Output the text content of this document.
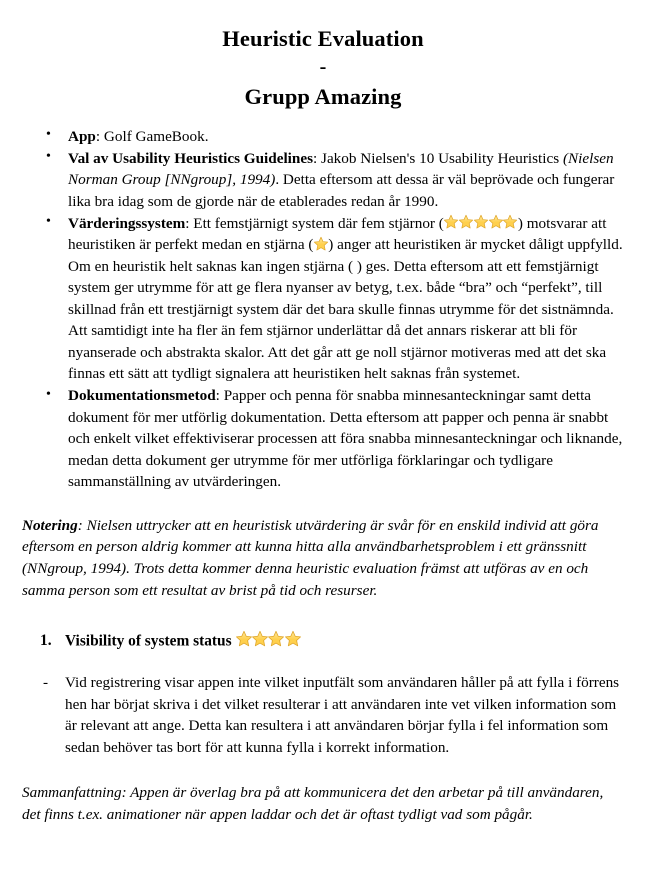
Heuristic Evaluation
-
Grupp Amazing
• App: Golf GameBook.
• Val av Usability Heuristics Guidelines: Jakob Nielsen's 10 Usability Heuristics (Nielsen Norman Group [NNgroup], 1994). Detta eftersom att dessa är väl beprövade och fungerar lika bra idag som de gjorde när de etablerades redan år 1990.
• Värderingssystem: Ett femstjärnigt system där fem stjärnor (	) motsvarar att heuristiken är perfekt medan en stjärna ( ) anger att heuristiken är mycket dåligt uppfylld. Om en heuristik helt saknas kan ingen stjärna ( ) ges. Detta eftersom att ett femstjärnigt system ger utrymme för att ge flera nyanser av betyg, t.ex. både “bra” och “perfekt”, till skillnad från ett trestjärnigt system där det bara skulle finnas utrymme för det sistnämnda. Att samtidigt inte ha fler än fem stjärnor underlättar då det annars riskerar att bli för nyanserade och abstrakta skalor. Att det går att ge noll stjärnor motiveras med att det ska finnas ett sätt att tydligt signalera att heuristiken helt saknas från systemet.
• Dokumentationsmetod: Papper och penna för snabba minnesanteckningar samt detta dokument för mer utförlig dokumentation. Detta eftersom att papper och penna är snabbt och enkelt vilket effektiviserar processen att föra snabba minnesanteckningar och liknande, medan detta dokument ger utrymme för mer utförliga förklaringar och tydligare sammanställning av utvärderingen.

Notering: Nielsen uttrycker att en heuristisk utvärdering är svår för en enskild individ att göra eftersom en person aldrig kommer att kunna hitta alla användbarhetsproblem i ett gränssnitt (NNgroup, 1994). Trots detta kommer denna heuristic evaluation främst att utföras av en och samma person som ett resultat av brist på tid och resurser.

1. Visibility of system status
- Vid registrering visar appen inte vilket inputfält som användaren håller på att fylla i förrens hen har börjat skriva i det vilket resulterar i att användaren inte vet vilken information som är relevant att ange. Detta kan resultera i att användaren börjar fylla i fel information som sedan behöver tas bort för att kunna fylla i korrekt information.

Sammanfattning: Appen är överlag bra på att kommunicera det den arbetar på till användaren, det finns t.ex. animationer när appen laddar och det är oftast tydligt vad som pågår.
